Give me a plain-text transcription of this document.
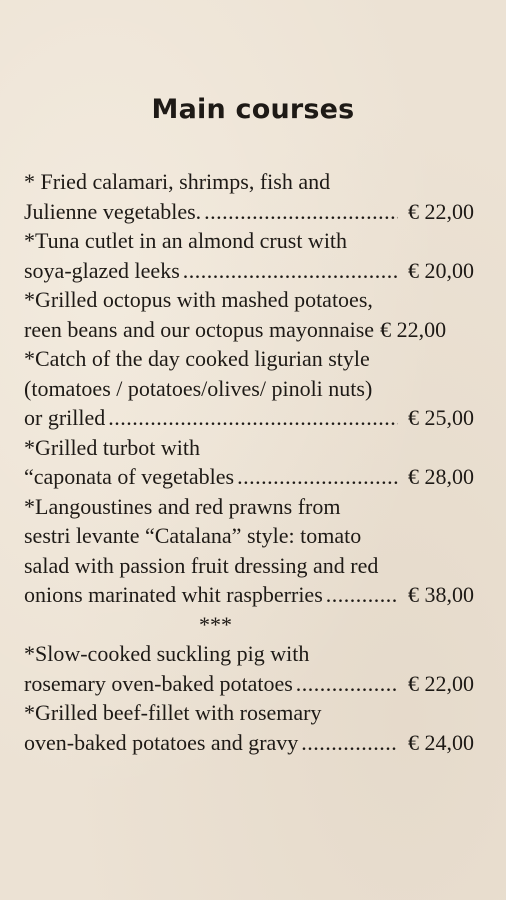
Main courses
* Fried calamari, shrimps, fish and
Julienne vegetables. .....	€ 22,00
*Tuna cutlet in an almond crust with
soya-glazed leeks .....	€ 20,00
*Grilled octopus with mashed potatoes,
reen beans and our octopus mayonnaise € 22,00
*Catch of the day cooked ligurian style
(tomatoes / potatoes/olives/ pinoli nuts)
or grilled .....	€ 25,00
*Grilled turbot with
“caponata of vegetables .....	€ 28,00
*Langoustines and red prawns from
sestri levante “Catalana” style: tomato
salad with passion fruit dressing and red
onions marinated whit raspberries .....	€ 38,00
***
*Slow-cooked suckling pig with
rosemary oven-baked potatoes .....	€ 22,00
*Grilled beef-fillet with rosemary
oven-baked potatoes and gravy .....	€ 24,00
